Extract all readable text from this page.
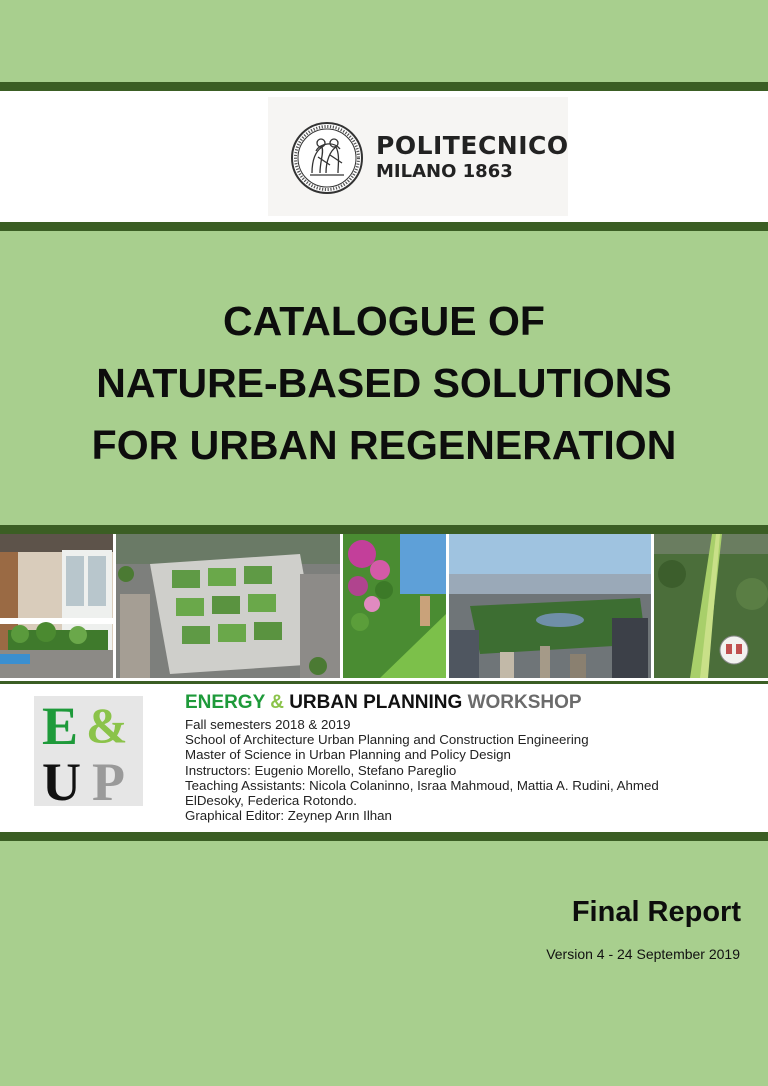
POLITECNICO
MILANO 1863
CATALOGUE OF
NATURE-BASED SOLUTIONS
FOR URBAN REGENERATION
E &
U P
ENERGY & URBAN PLANNING WORKSHOP
Fall semesters 2018 & 2019
School of Architecture Urban Planning and Construction Engineering
Master of Science in Urban Planning and Policy Design
Instructors: Eugenio Morello, Stefano Pareglio
Teaching Assistants: Nicola Colaninno, Israa Mahmoud, Mattia A. Rudini, Ahmed
ElDesoky, Federica Rotondo.
Graphical Editor: Zeynep Arın Ilhan
Final Report
Version 4 - 24 September 2019
